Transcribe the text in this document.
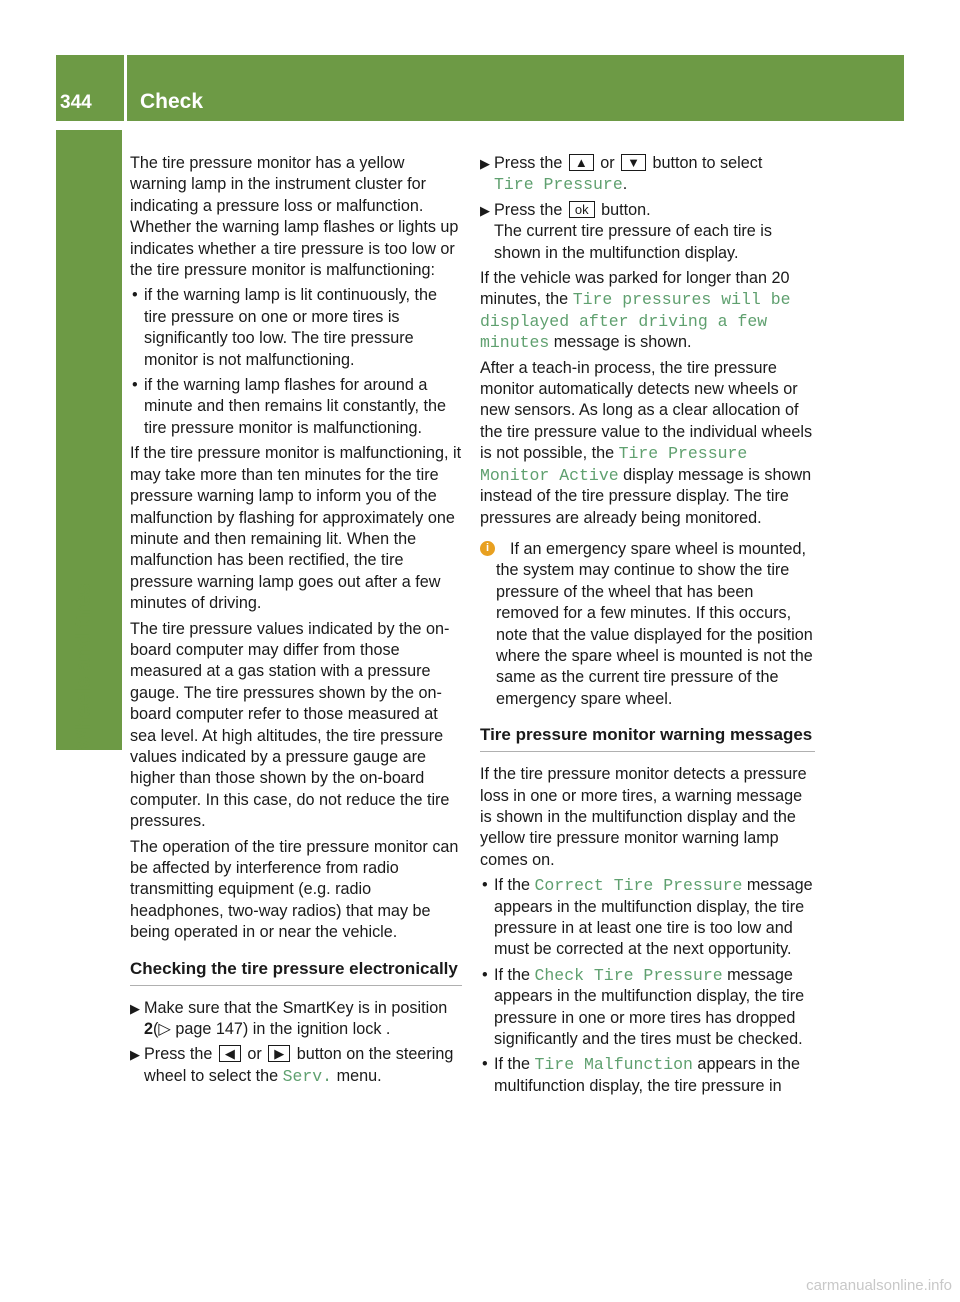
344	Check
Wheels and tires

The tire pressure monitor has a yellow warning lamp in the instrument cluster for indicating a pressure loss or malfunction. Whether the warning lamp flashes or lights up indicates whether a tire pressure is too low or the tire pressure monitor is malfunctioning:

• if the warning lamp is lit continuously, the tire pressure on one or more tires is significantly too low. The tire pressure monitor is not malfunctioning.
• if the warning lamp flashes for around a minute and then remains lit constantly, the tire pressure monitor is malfunctioning.

If the tire pressure monitor is malfunctioning, it may take more than ten minutes for the tire pressure warning lamp to inform you of the malfunction by flashing for approximately one minute and then remaining lit. When the malfunction has been rectified, the tire pressure warning lamp goes out after a few minutes of driving.

The tire pressure values indicated by the on-board computer may differ from those measured at a gas station with a pressure gauge. The tire pressures shown by the on-board computer refer to those measured at sea level. At high altitudes, the tire pressure values indicated by a pressure gauge are higher than those shown by the on-board computer. In this case, do not reduce the tire pressures.

The operation of the tire pressure monitor can be affected by interference from radio transmitting equipment (e.g. radio headphones, two-way radios) that may be being operated in or near the vehicle.

Checking the tire pressure electronically
▶ Make sure that the SmartKey is in position 2(▷ page 147) in the ignition lock .
▶ Press the ◀ or ▶ button on the steering wheel to select the Serv. menu.
▶ Press the ▲ or ▼ button to select
Tire Pressure.
▶ Press the ok button.
The current tire pressure of each tire is shown in the multifunction display.

If the vehicle was parked for longer than 20 minutes, the Tire pressures will be displayed after driving a few minutes message is shown.

After a teach-in process, the tire pressure monitor automatically detects new wheels or new sensors. As long as a clear allocation of the tire pressure value to the individual wheels is not possible, the Tire Pressure Monitor Active display message is shown instead of the tire pressure display. The tire pressures are already being monitored.

i	If an emergency spare wheel is mounted, the system may continue to show the tire pressure of the wheel that has been removed for a few minutes. If this occurs, note that the value displayed for the position where the spare wheel is mounted is not the same as the current tire pressure of the emergency spare wheel.
Tire pressure monitor warning messages

If the tire pressure monitor detects a pressure loss in one or more tires, a warning message is shown in the multifunction display and the yellow tire pressure monitor warning lamp comes on.

• If the Correct Tire Pressure message appears in the multifunction display, the tire pressure in at least one tire is too low and must be corrected at the next opportunity.
• If the Check Tire Pressure message appears in the multifunction display, the tire pressure in one or more tires has dropped significantly and the tires must be checked.
• If the Tire Malfunction appears in the multifunction display, the tire pressure in
carmanualsonline.info
